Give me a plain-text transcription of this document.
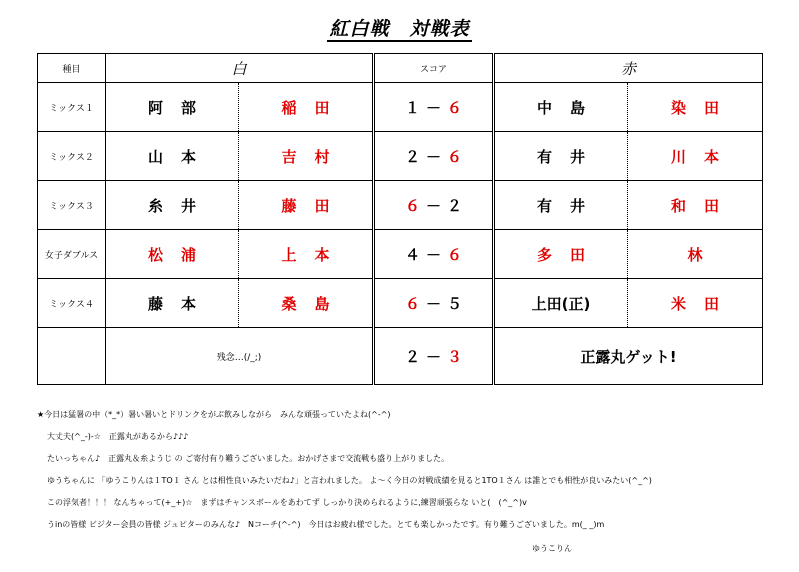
紅白戦　対戦表
種目	白		スコア	赤	
ミックス１	阿部	稲田	１－６	中島	染田
ミックス２	山本	吉村	２－６	有井	川本
ミックス３	糸井	藤田	６－２	有井	和田
女子ダブルス	松浦	上本	４－６	多田	林
ミックス４	藤本	桑島	６－５	上田(正)	米田
	残念…(/_;)		２－３	正露丸ゲット!	
★今日は猛暑の中（*_*）暑い暑いとドリンクをがぶ飲みしながら　みんな頑張っていたよね(^-^)
大丈夫(^_-)-☆　正露丸があるから♪♪♪
たいっちゃん♪　正露丸＆糸ようじ の ご寄付有り難うございました。おかげさまで交流戦も盛り上がりました。
ゆうちゃんに 「ゆうこりんは１TO１ さん とは相性良いみたいだね♪」と言われました。 よ～く今日の対戦成績を見ると1TO１さん は誰とでも相性が良いみたい(^_^)
この浮気者！！！ なんちゃって(+_+)☆　まずはチャンスボールをあわてず しっかり決められるように,練習頑張らな いと(　(^_^)v
うinの皆様 ビジター会員の皆様 ジュピターのみんな♪　Nコーチ(^-^)　今日はお疲れ様でした。とても楽しかったです。有り難うございました。m(_ _)m
ゆうこりん
